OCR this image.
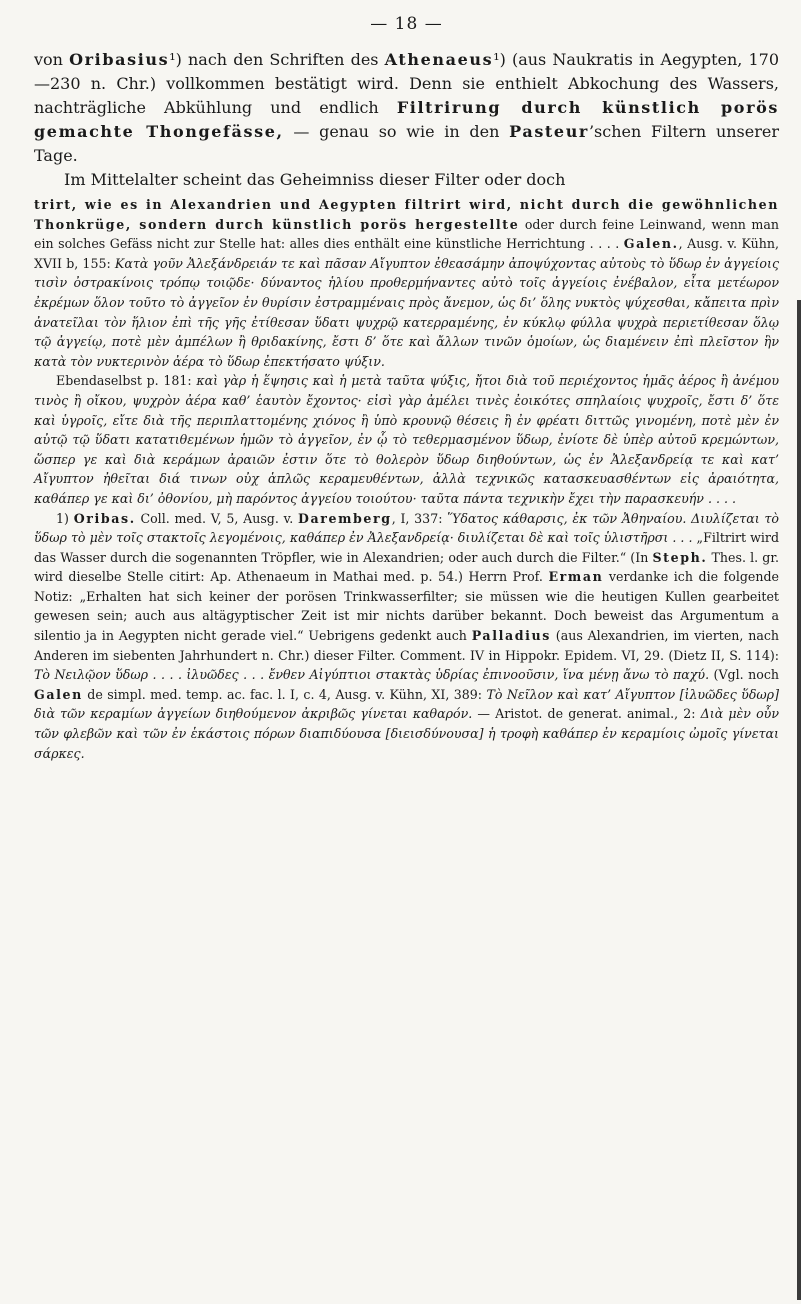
— 18 —

von Oribasius¹) nach den Schriften des Athenaeus¹) (aus Naukratis in Aegypten, 170—230 n. Chr.) vollkommen bestätigt wird. Denn sie enthielt Abkochung des Wassers, nachträgliche Abkühlung und endlich Filtrirung durch künstlich porös gemachte Thongefässe, — genau so wie in den Pasteur’schen Filtern unserer Tage.

Im Mittelalter scheint das Geheimniss dieser Filter oder doch

trirt, wie es in Alexandrien und Aegypten filtrirt wird, nicht durch die gewöhnlichen Thonkrüge, sondern durch künstlich porös hergestellte oder durch feine Leinwand, wenn man ein solches Gefäss nicht zur Stelle hat: alles dies enthält eine künstliche Herrichtung . . . . Galen., Ausg. v. Kühn, XVII b, 155: Κατὰ γοῦν Ἀλεξάνδρειάν τε καὶ πᾶσαν Αἴγυπτον ἐθεασάμην ἀποψύχοντας αὐτοὺς τὸ ὕδωρ ἐν ἀγγείοις τισὶν ὀστρακίνοις τρόπῳ τοιῷδε· δύναντος ἡλίου προθερμήναντες αὐτὸ τοῖς ἀγγείοις ἐνέβαλον, εἶτα μετέωρον ἐκρέμων ὅλον τοῦτο τὸ ἀγγεῖον ἐν θυρίσιν ἐστραμμέναις πρὸς ἄνεμον, ὡς δι’ ὅλης νυκτὸς ψύχεσθαι, κἄπειτα πρὶν ἀνατεῖλαι τὸν ἥλιον ἐπὶ τῆς γῆς ἐτίθεσαν ὕδατι ψυχρῷ κατερραμένης, ἐν κύκλῳ φύλλα ψυχρὰ περιετίθεσαν ὅλῳ τῷ ἀγγείῳ, ποτὲ μὲν ἀμπέλων ἢ θριδακίνης, ἔστι δ’ ὅτε καὶ ἄλλων τινῶν ὁμοίων, ὡς διαμένειν ἐπὶ πλεῖστον ἣν κατὰ τὸν νυκτερινὸν ἀέρα τὸ ὕδωρ ἐπεκτήσατο ψύξιν.

Ebendaselbst p. 181: καὶ γὰρ ἡ ἕψησις καὶ ἡ μετὰ ταῦτα ψύξις, ἤτοι διὰ τοῦ περιέχοντος ἡμᾶς ἀέρος ἢ ἀνέμου τινὸς ἢ οἴκου, ψυχρὸν ἀέρα καθ’ ἑαυτὸν ἔχοντος· εἰσὶ γὰρ ἀμέλει τινὲς ἐοικότες σπηλαίοις ψυχροῖς, ἔστι δ’ ὅτε καὶ ὑγροῖς, εἴτε διὰ τῆς περιπλαττομένης χιόνος ἢ ὑπὸ κρουνῷ θέσεις ἢ ἐν φρέατι διττῶς γινομένη, ποτὲ μὲν ἐν αὐτῷ τῷ ὕδατι κατατιθεμένων ἡμῶν τὸ ἀγγεῖον, ἐν ᾧ τὸ τεθερμασμένον ὕδωρ, ἐνίοτε δὲ ὑπὲρ αὐτοῦ κρεμώντων, ὥσπερ γε καὶ διὰ κεράμων ἀραιῶν ἐστιν ὅτε τὸ θολερὸν ὕδωρ διηθούντων, ὡς ἐν Ἀλεξανδρείᾳ τε καὶ κατ’ Αἴγυπτον ἠθεῖται διά τινων οὐχ ἁπλῶς κεραμευθέντων, ἀλλὰ τεχνικῶς κατασκευασθέντων εἰς ἀραιότητα, καθάπερ γε καὶ δι’ ὀθονίου, μὴ παρόντος ἀγγείου τοιούτου· ταῦτα πάντα τεχνικὴν ἔχει τὴν παρασκευήν . . . .

1) Oribas. Coll. med. V, 5, Ausg. v. Daremberg, I, 337: Ὕδατος κάθαρσις, ἐκ τῶν Ἀθηναίου. Διυλίζεται τὸ ὕδωρ τὸ μὲν τοῖς στακτοῖς λεγομένοις, καθάπερ ἐν Ἀλεξανδρείᾳ· διυλίζεται δὲ καὶ τοῖς ὑλιστῆρσι . . . „Filtrirt wird das Wasser durch die sogenannten Tröpfler, wie in Alexandrien; oder auch durch die Filter.“ (In Steph. Thes. l. gr. wird dieselbe Stelle citirt: Ap. Athenaeum in Mathai med. p. 54.) Herrn Prof. Erman verdanke ich die folgende Notiz: „Erhalten hat sich keiner der porösen Trinkwasserfilter; sie müssen wie die heutigen Kullen gearbeitet gewesen sein; auch aus altägyptischer Zeit ist mir nichts darüber bekannt. Doch beweist das Argumentum a silentio ja in Aegypten nicht gerade viel.“ Uebrigens gedenkt auch Palladius (aus Alexandrien, im vierten, nach Anderen im siebenten Jahrhundert n. Chr.) dieser Filter. Comment. IV in Hippokr. Epidem. VI, 29. (Dietz II, S. 114): Τὸ Νειλῷον ὕδωρ . . . . ἰλυῶδες . . . ἔνθεν Αἰγύπτιοι στακτὰς ὑδρίας ἐπινοοῦσιν, ἵνα μένῃ ἄνω τὸ παχύ. (Vgl. noch Galen de simpl. med. temp. ac. fac. l. I, c. 4, Ausg. v. Kühn, XI, 389: Τὸ Νεῖλον καὶ κατ’ Αἴγυπτον [ἰλυῶδες ὕδωρ] διὰ τῶν κεραμίων ἀγγείων διηθούμενον ἀκριβῶς γίνεται καθαρόν. — Aristot. de generat. animal., 2: Διὰ μὲν οὖν τῶν φλεβῶν καὶ τῶν ἐν ἑκάστοις πόρων διαπιδύουσα [διεισδύνουσα] ἡ τροφὴ καθάπερ ἐν κεραμίοις ὠμοῖς γίνεται σάρκες.
